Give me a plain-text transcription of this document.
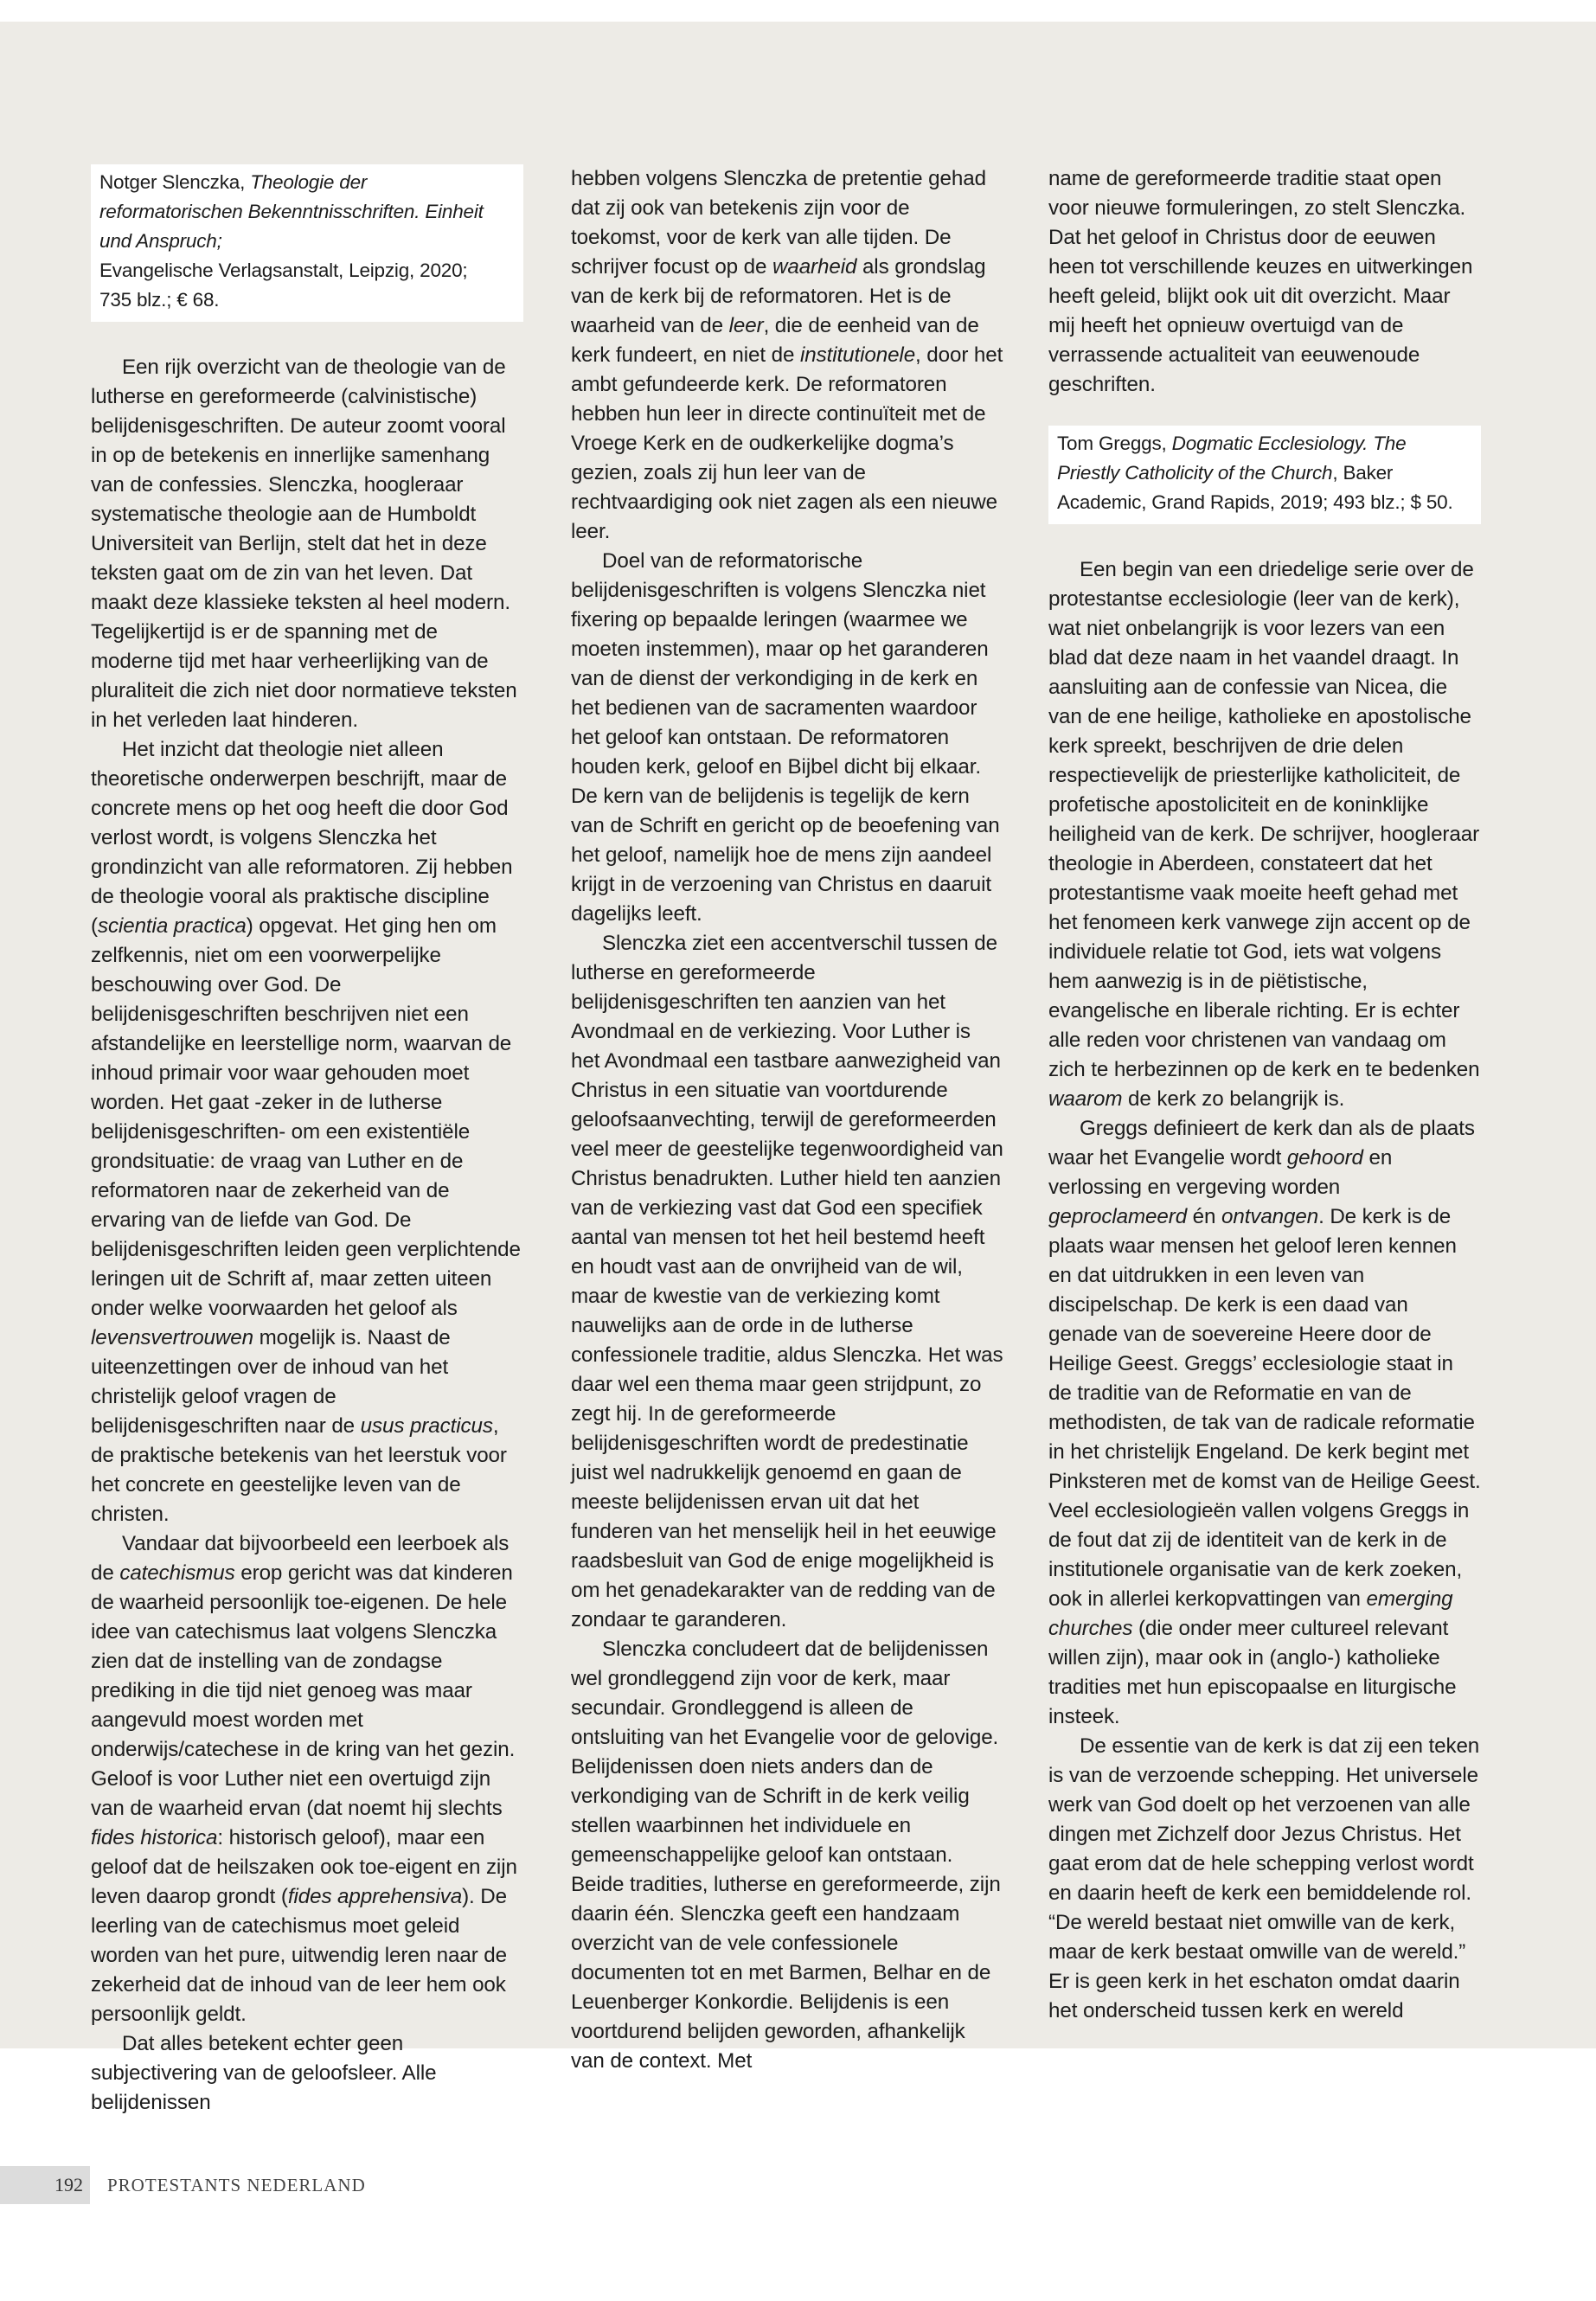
Notger Slenczka, Theologie der reformatorischen Bekenntnisschriften. Einheit und Anspruch;
Evangelische Verlagsanstalt, Leipzig, 2020;
735 blz.; € 68.

Een rijk overzicht van de theologie van de lutherse en gereformeerde (calvinistische) belijdenisgeschriften. De auteur zoomt vooral in op de betekenis en innerlijke samenhang van de confessies. Slenczka, hoogleraar systematische theologie aan de Humboldt Universiteit van Berlijn, stelt dat het in deze teksten gaat om de zin van het leven. Dat maakt deze klassieke teksten al heel modern. Tegelijkertijd is er de spanning met de moderne tijd met haar verheerlijking van de pluraliteit die zich niet door normatieve teksten in het verleden laat hinderen.

Het inzicht dat theologie niet alleen theoretische onderwerpen beschrijft, maar de concrete mens op het oog heeft die door God verlost wordt, is volgens Slenczka het grondinzicht van alle reformatoren. Zij hebben de theologie vooral als praktische discipline (scientia practica) opgevat. Het ging hen om zelfkennis, niet om een voorwerpelijke beschouwing over God. De belijdenisgeschriften beschrijven niet een afstandelijke en leerstellige norm, waarvan de inhoud primair voor waar gehouden moet worden. Het gaat -zeker in de lutherse belijdenisgeschriften- om een existentiële grondsituatie: de vraag van Luther en de reformatoren naar de zekerheid van de ervaring van de liefde van God. De belijdenisgeschriften leiden geen verplichtende leringen uit de Schrift af, maar zetten uiteen onder welke voorwaarden het geloof als levensvertrouwen mogelijk is. Naast de uiteenzettingen over de inhoud van het christelijk geloof vragen de belijdenisgeschriften naar de usus practicus, de praktische betekenis van het leerstuk voor het concrete en geestelijke leven van de christen.

Vandaar dat bijvoorbeeld een leerboek als de catechismus erop gericht was dat kinderen de waarheid persoonlijk toe-eigenen. De hele idee van catechismus laat volgens Slenczka zien dat de instelling van de zondagse prediking in die tijd niet genoeg was maar aangevuld moest worden met onderwijs/catechese in de kring van het gezin. Geloof is voor Luther niet een overtuigd zijn van de waarheid ervan (dat noemt hij slechts fides historica: historisch geloof), maar een geloof dat de heilszaken ook toe-eigent en zijn leven daarop grondt (fides apprehensiva). De leerling van de catechismus moet geleid worden van het pure, uitwendig leren naar de zekerheid dat de inhoud van de leer hem ook persoonlijk geldt.

Dat alles betekent echter geen subjectivering van de geloofsleer. Alle belijdenissen

hebben volgens Slenczka de pretentie gehad dat zij ook van betekenis zijn voor de toekomst, voor de kerk van alle tijden. De schrijver focust op de waarheid als grondslag van de kerk bij de reformatoren. Het is de waarheid van de leer, die de eenheid van de kerk fundeert, en niet de institutionele, door het ambt gefundeerde kerk. De reformatoren hebben hun leer in directe continuïteit met de Vroege Kerk en de oudkerkelijke dogma’s gezien, zoals zij hun leer van de rechtvaardiging ook niet zagen als een nieuwe leer.

Doel van de reformatorische belijdenisgeschriften is volgens Slenczka niet fixering op bepaalde leringen (waarmee we moeten instemmen), maar op het garanderen van de dienst der verkondiging in de kerk en het bedienen van de sacramenten waardoor het geloof kan ontstaan. De reformatoren houden kerk, geloof en Bijbel dicht bij elkaar. De kern van de belijdenis is tegelijk de kern van de Schrift en gericht op de beoefening van het geloof, namelijk hoe de mens zijn aandeel krijgt in de verzoening van Christus en daaruit dagelijks leeft.

Slenczka ziet een accentverschil tussen de lutherse en gereformeerde belijdenisgeschriften ten aanzien van het Avondmaal en de verkiezing. Voor Luther is het Avondmaal een tastbare aanwezigheid van Christus in een situatie van voortdurende geloofsaanvechting, terwijl de gereformeerden veel meer de geestelijke tegenwoordigheid van Christus benadrukten. Luther hield ten aanzien van de verkiezing vast dat God een specifiek aantal van mensen tot het heil bestemd heeft en houdt vast aan de onvrijheid van de wil, maar de kwestie van de verkiezing komt nauwelijks aan de orde in de lutherse confessionele traditie, aldus Slenczka. Het was daar wel een thema maar geen strijdpunt, zo zegt hij. In de gereformeerde belijdenisgeschriften wordt de predestinatie juist wel nadrukkelijk genoemd en gaan de meeste belijdenissen ervan uit dat het funderen van het menselijk heil in het eeuwige raadsbesluit van God de enige mogelijkheid is om het genadekarakter van de redding van de zondaar te garanderen.

Slenczka concludeert dat de belijdenissen wel grondleggend zijn voor de kerk, maar secundair. Grondleggend is alleen de ontsluiting van het Evangelie voor de gelovige. Belijdenissen doen niets anders dan de verkondiging van de Schrift in de kerk veilig stellen waarbinnen het individuele en gemeenschappelijke geloof kan ontstaan. Beide tradities, lutherse en gereformeerde, zijn daarin één. Slenczka geeft een handzaam overzicht van de vele confessionele documenten tot en met Barmen, Belhar en de Leuenberger Konkordie. Belijdenis is een voortdurend belijden geworden, afhankelijk van de context. Met

name de gereformeerde traditie staat open voor nieuwe formuleringen, zo stelt Slenczka. Dat het geloof in Christus door de eeuwen heen tot verschillende keuzes en uitwerkingen heeft geleid, blijkt ook uit dit overzicht. Maar mij heeft het opnieuw overtuigd van de verrassende actualiteit van eeuwenoude geschriften.

Tom Greggs, Dogmatic Ecclesiology. The Priestly Catholicity of the Church, Baker Academic, Grand Rapids, 2019; 493 blz.; $ 50.

Een begin van een driedelige serie over de protestantse ecclesiologie (leer van de kerk), wat niet onbelangrijk is voor lezers van een blad dat deze naam in het vaandel draagt. In aansluiting aan de confessie van Nicea, die van de ene heilige, katholieke en apostolische kerk spreekt, beschrijven de drie delen respectievelijk de priesterlijke katholiciteit, de profetische apostoliciteit en de koninklijke heiligheid van de kerk. De schrijver, hoogleraar theologie in Aberdeen, constateert dat het protestantisme vaak moeite heeft gehad met het fenomeen kerk vanwege zijn accent op de individuele relatie tot God, iets wat volgens hem aanwezig is in de piëtistische, evangelische en liberale richting. Er is echter alle reden voor christenen van vandaag om zich te herbezinnen op de kerk en te bedenken waarom de kerk zo belangrijk is.

Greggs definieert de kerk dan als de plaats waar het Evangelie wordt gehoord en verlossing en vergeving worden geproclameerd én ontvangen. De kerk is de plaats waar mensen het geloof leren kennen en dat uitdrukken in een leven van discipelschap. De kerk is een daad van genade van de soevereine Heere door de Heilige Geest. Greggs’ ecclesiologie staat in de traditie van de Reformatie en van de methodisten, de tak van de radicale reformatie in het christelijk Engeland. De kerk begint met Pinksteren met de komst van de Heilige Geest. Veel ecclesiologieën vallen volgens Greggs in de fout dat zij de identiteit van de kerk in de institutionele organisatie van de kerk zoeken, ook in allerlei kerkopvattingen van emerging churches (die onder meer cultureel relevant willen zijn), maar ook in (anglo-) katholieke tradities met hun episcopaalse en liturgische insteek.

De essentie van de kerk is dat zij een teken is van de verzoende schepping. Het universele werk van God doelt op het verzoenen van alle dingen met Zichzelf door Jezus Christus. Het gaat erom dat de hele schepping verlost wordt en daarin heeft de kerk een bemiddelende rol. “De wereld bestaat niet omwille van de kerk, maar de kerk bestaat omwille van de wereld.” Er is geen kerk in het eschaton omdat daarin het onderscheid tussen kerk en wereld

192	PROTESTANTS NEDERLAND
